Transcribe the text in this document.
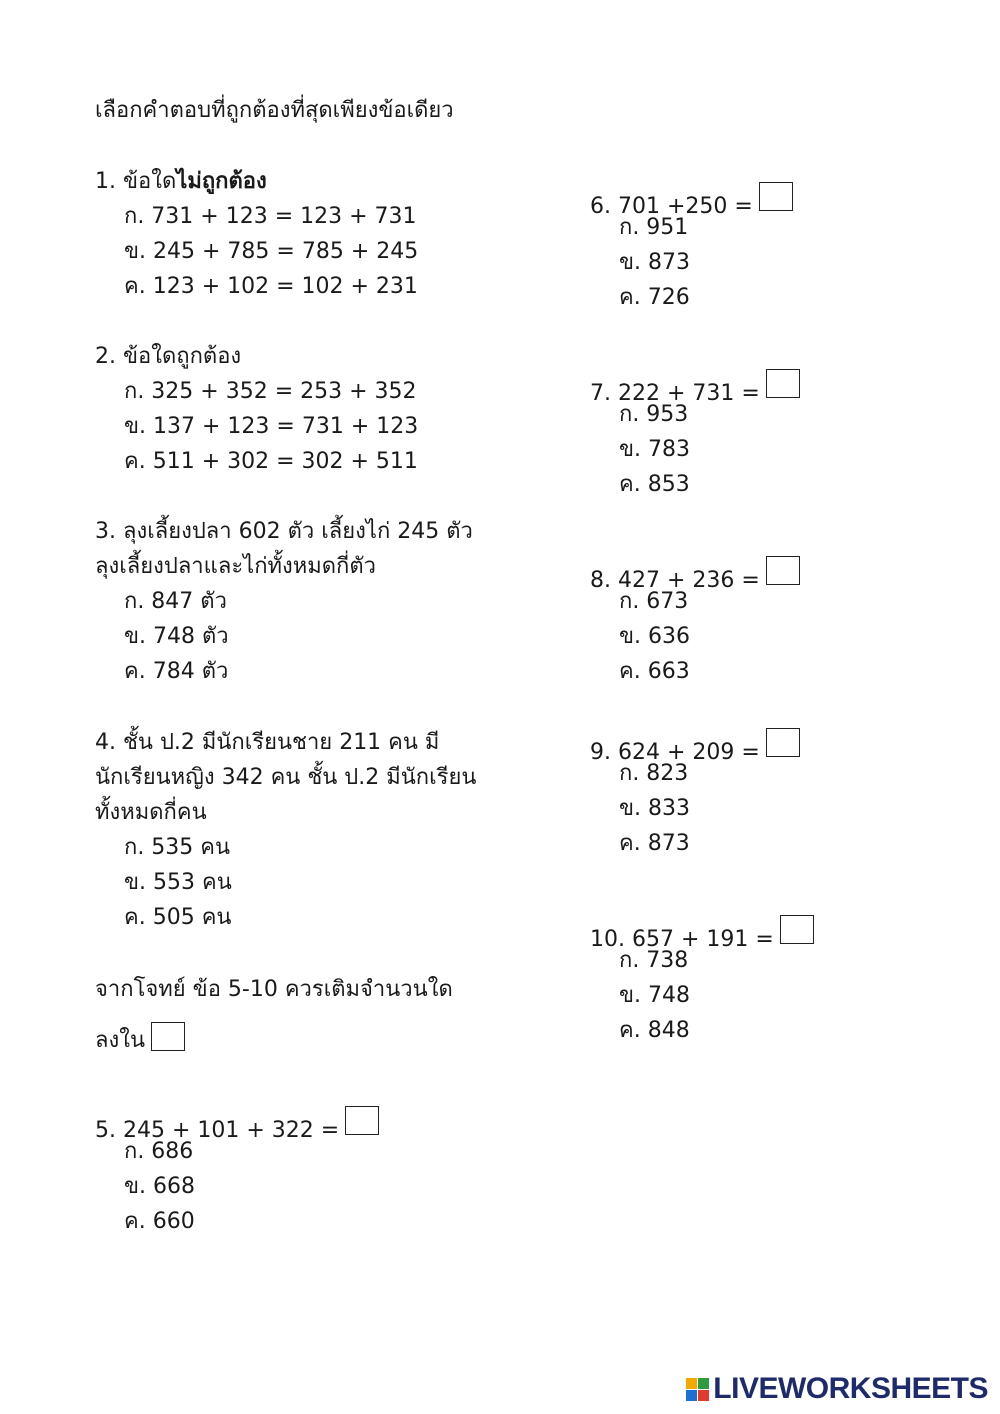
เลือกคำตอบที่ถูกต้องที่สุดเพียงข้อเดียว
1. ข้อใดไม่ถูกต้อง
ก. 731 + 123 = 123 + 731
ข. 245 + 785 = 785 + 245
ค. 123 + 102 = 102 + 231
2. ข้อใดถูกต้อง
ก. 325 + 352 = 253 + 352
ข. 137 + 123 = 731 + 123
ค. 511 + 302 = 302 + 511
3. ลุงเลี้ยงปลา 602 ตัว เลี้ยงไก่ 245 ตัว
ลุงเลี้ยงปลาและไก่ทั้งหมดกี่ตัว
ก. 847 ตัว
ข. 748 ตัว
ค. 784 ตัว
4. ชั้น ป.2 มีนักเรียนชาย 211 คน มี
นักเรียนหญิง 342 คน ชั้น ป.2 มีนักเรียน
ทั้งหมดกี่คน
ก. 535 คน
ข. 553 คน
ค. 505 คน
จากโจทย์ ข้อ 5-10 ควรเติมจำนวนใด
ลงใน
5. 245 + 101 + 322 =
ก. 686
ข. 668
ค. 660
6. 701 +250 =
ก. 951
ข. 873
ค. 726
7. 222 + 731 =
ก. 953
ข. 783
ค. 853
8. 427 + 236 =
ก. 673
ข. 636
ค. 663
9. 624 + 209 =
ก. 823
ข. 833
ค. 873
10. 657 + 191 =
ก. 738
ข. 748
ค. 848
LIVEWORKSHEETS
